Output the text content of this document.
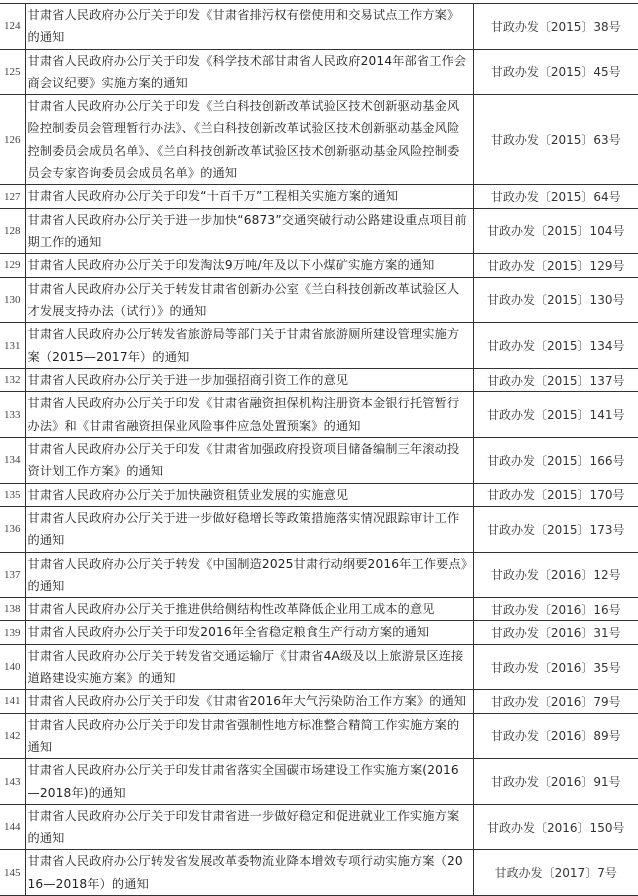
124	甘肃省人民政府办公厅关于印发《甘肃省排污权有偿使用和交易试点工作方案》的通知	甘政办发〔2015〕38号
125	甘肃省人民政府办公厅关于印发《科学技术部甘肃省人民政府2014年部省工作会商会议纪要》实施方案的通知	甘政办发〔2015〕45号
126	甘肃省人民政府办公厅关于印发《兰白科技创新改革试验区技术创新驱动基金风险控制委员会管理暂行办法》、《兰白科技创新改革试验区技术创新驱动基金风险控制委员会成员名单》、《兰白科技创新改革试验区技术创新驱动基金风险控制委员会专家咨询委员会成员名单》的通知	甘政办发〔2015〕63号
127	甘肃省人民政府办公厅关于印发“十百千万”工程相关实施方案的通知	甘政办发〔2015〕64号
128	甘肃省人民政府办公厅关于进一步加快“6873”交通突破行动公路建设重点项目前期工作的通知	甘政办发〔2015〕104号
129	甘肃省人民政府办公厅关于印发淘汰9万吨/年及以下小煤矿实施方案的通知	甘政办发〔2015〕129号
130	甘肃省人民政府办公厅关于转发甘肃省创新办公室《兰白科技创新改革试验区人才发展支持办法（试行）》的通知	甘政办发〔2015〕130号
131	甘肃省人民政府办公厅转发省旅游局等部门关于甘肃省旅游厕所建设管理实施方案（2015—2017年）的通知	甘政办发〔2015〕134号
132	甘肃省人民政府办公厅关于进一步加强招商引资工作的意见	甘政办发〔2015〕137号
133	甘肃省人民政府办公厅关于印发《甘肃省融资担保机构注册资本金银行托管暂行办法》和《甘肃省融资担保业风险事件应急处置预案》的通知	甘政办发〔2015〕141号
134	甘肃省人民政府办公厅关于印发《甘肃省加强政府投资项目储备编制三年滚动投资计划工作方案》的通知	甘政办发〔2015〕166号
135	甘肃省人民政府办公厅关于加快融资租赁业发展的实施意见	甘政办发〔2015〕170号
136	甘肃省人民政府办公厅关于进一步做好稳增长等政策措施落实情况跟踪审计工作的通知	甘政办发〔2015〕173号
137	甘肃省人民政府办公厅关于转发《中国制造2025甘肃行动纲要2016年工作要点》的通知	甘政办发〔2016〕12号
138	甘肃省人民政府办公厅关于推进供给侧结构性改革降低企业用工成本的意见	甘政办发〔2016〕16号
139	甘肃省人民政府办公厅关于印发2016年全省稳定粮食生产行动方案的通知	甘政办发〔2016〕31号
140	甘肃省人民政府办公厅关于转发省交通运输厅《甘肃省4A级及以上旅游景区连接道路建设实施方案》的通知	甘政办发〔2016〕35号
141	甘肃省人民政府办公厅关于印发《甘肃省2016年大气污染防治工作方案》的通知	甘政办发〔2016〕79号
142	甘肃省人民政府办公厅关于印发甘肃省强制性地方标准整合精简工作实施方案的通知	甘政办发〔2016〕89号
143	甘肃省人民政府办公厅关于印发甘肃省落实全国碳市场建设工作实施方案(2016—2018年)的通知	甘政办发〔2016〕91号
144	甘肃省人民政府办公厅关于印发甘肃省进一步做好稳定和促进就业工作实施方案的通知	甘政办发〔2016〕150号
145	甘肃省人民政府办公厅转发省发展改革委物流业降本增效专项行动实施方案（2016—2018年）的通知	甘政办发〔2017〕7号
